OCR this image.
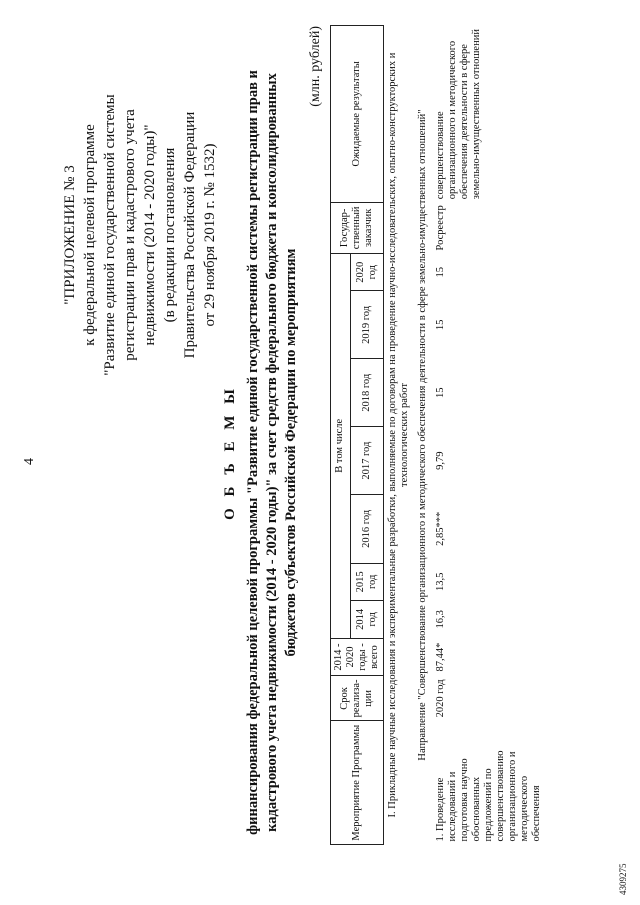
4
"ПРИЛОЖЕНИЕ № 3 к федеральной целевой программе "Развитие единой государственной системы регистрации прав и кадастрового учета недвижимости (2014 - 2020 годы)" (в редакции постановления Правительства Российской Федерации от 29 ноября 2019 г. № 1532)
О Б Ъ Е М Ы финансирования федеральной целевой программы "Развитие единой государственной системы регистрации прав и кадастрового учета недвижимости (2014 - 2020 годы)" за счет средств федерального бюджета и консолидированных бюджетов субъектов Российской Федерации по мероприятиям
(млн. рублей)
Мероприятие Программы	Срок реализа- ции	2014 - 2020 годы - всего	В том числе							Государ- ственный заказчик	Ожидаемые результаты
			2014 год	2015 год	2016 год	2017 год	2018 год	2019 год	2020 год		
I. Прикладные научные исследования и экспериментальные разработки, выполняемые по договорам на проведение научно-исследовательских, опытно-конструкторских и технологических работ											
Направление "Совершенствование организационного и методического обеспечения деятельности в сфере земельно-имущественных отношений"											
1. Проведение исследований и подготовка научно обоснованных предложений по совершенствованию организационного и методического обеспечения	2020 год	87,44*	16,3	13,5	2,85***	9,79	15	15	15	Росреестр	совершенствование организационного и методического обеспечения деятельности в сфере земельно-имущественных отношений
4309275
